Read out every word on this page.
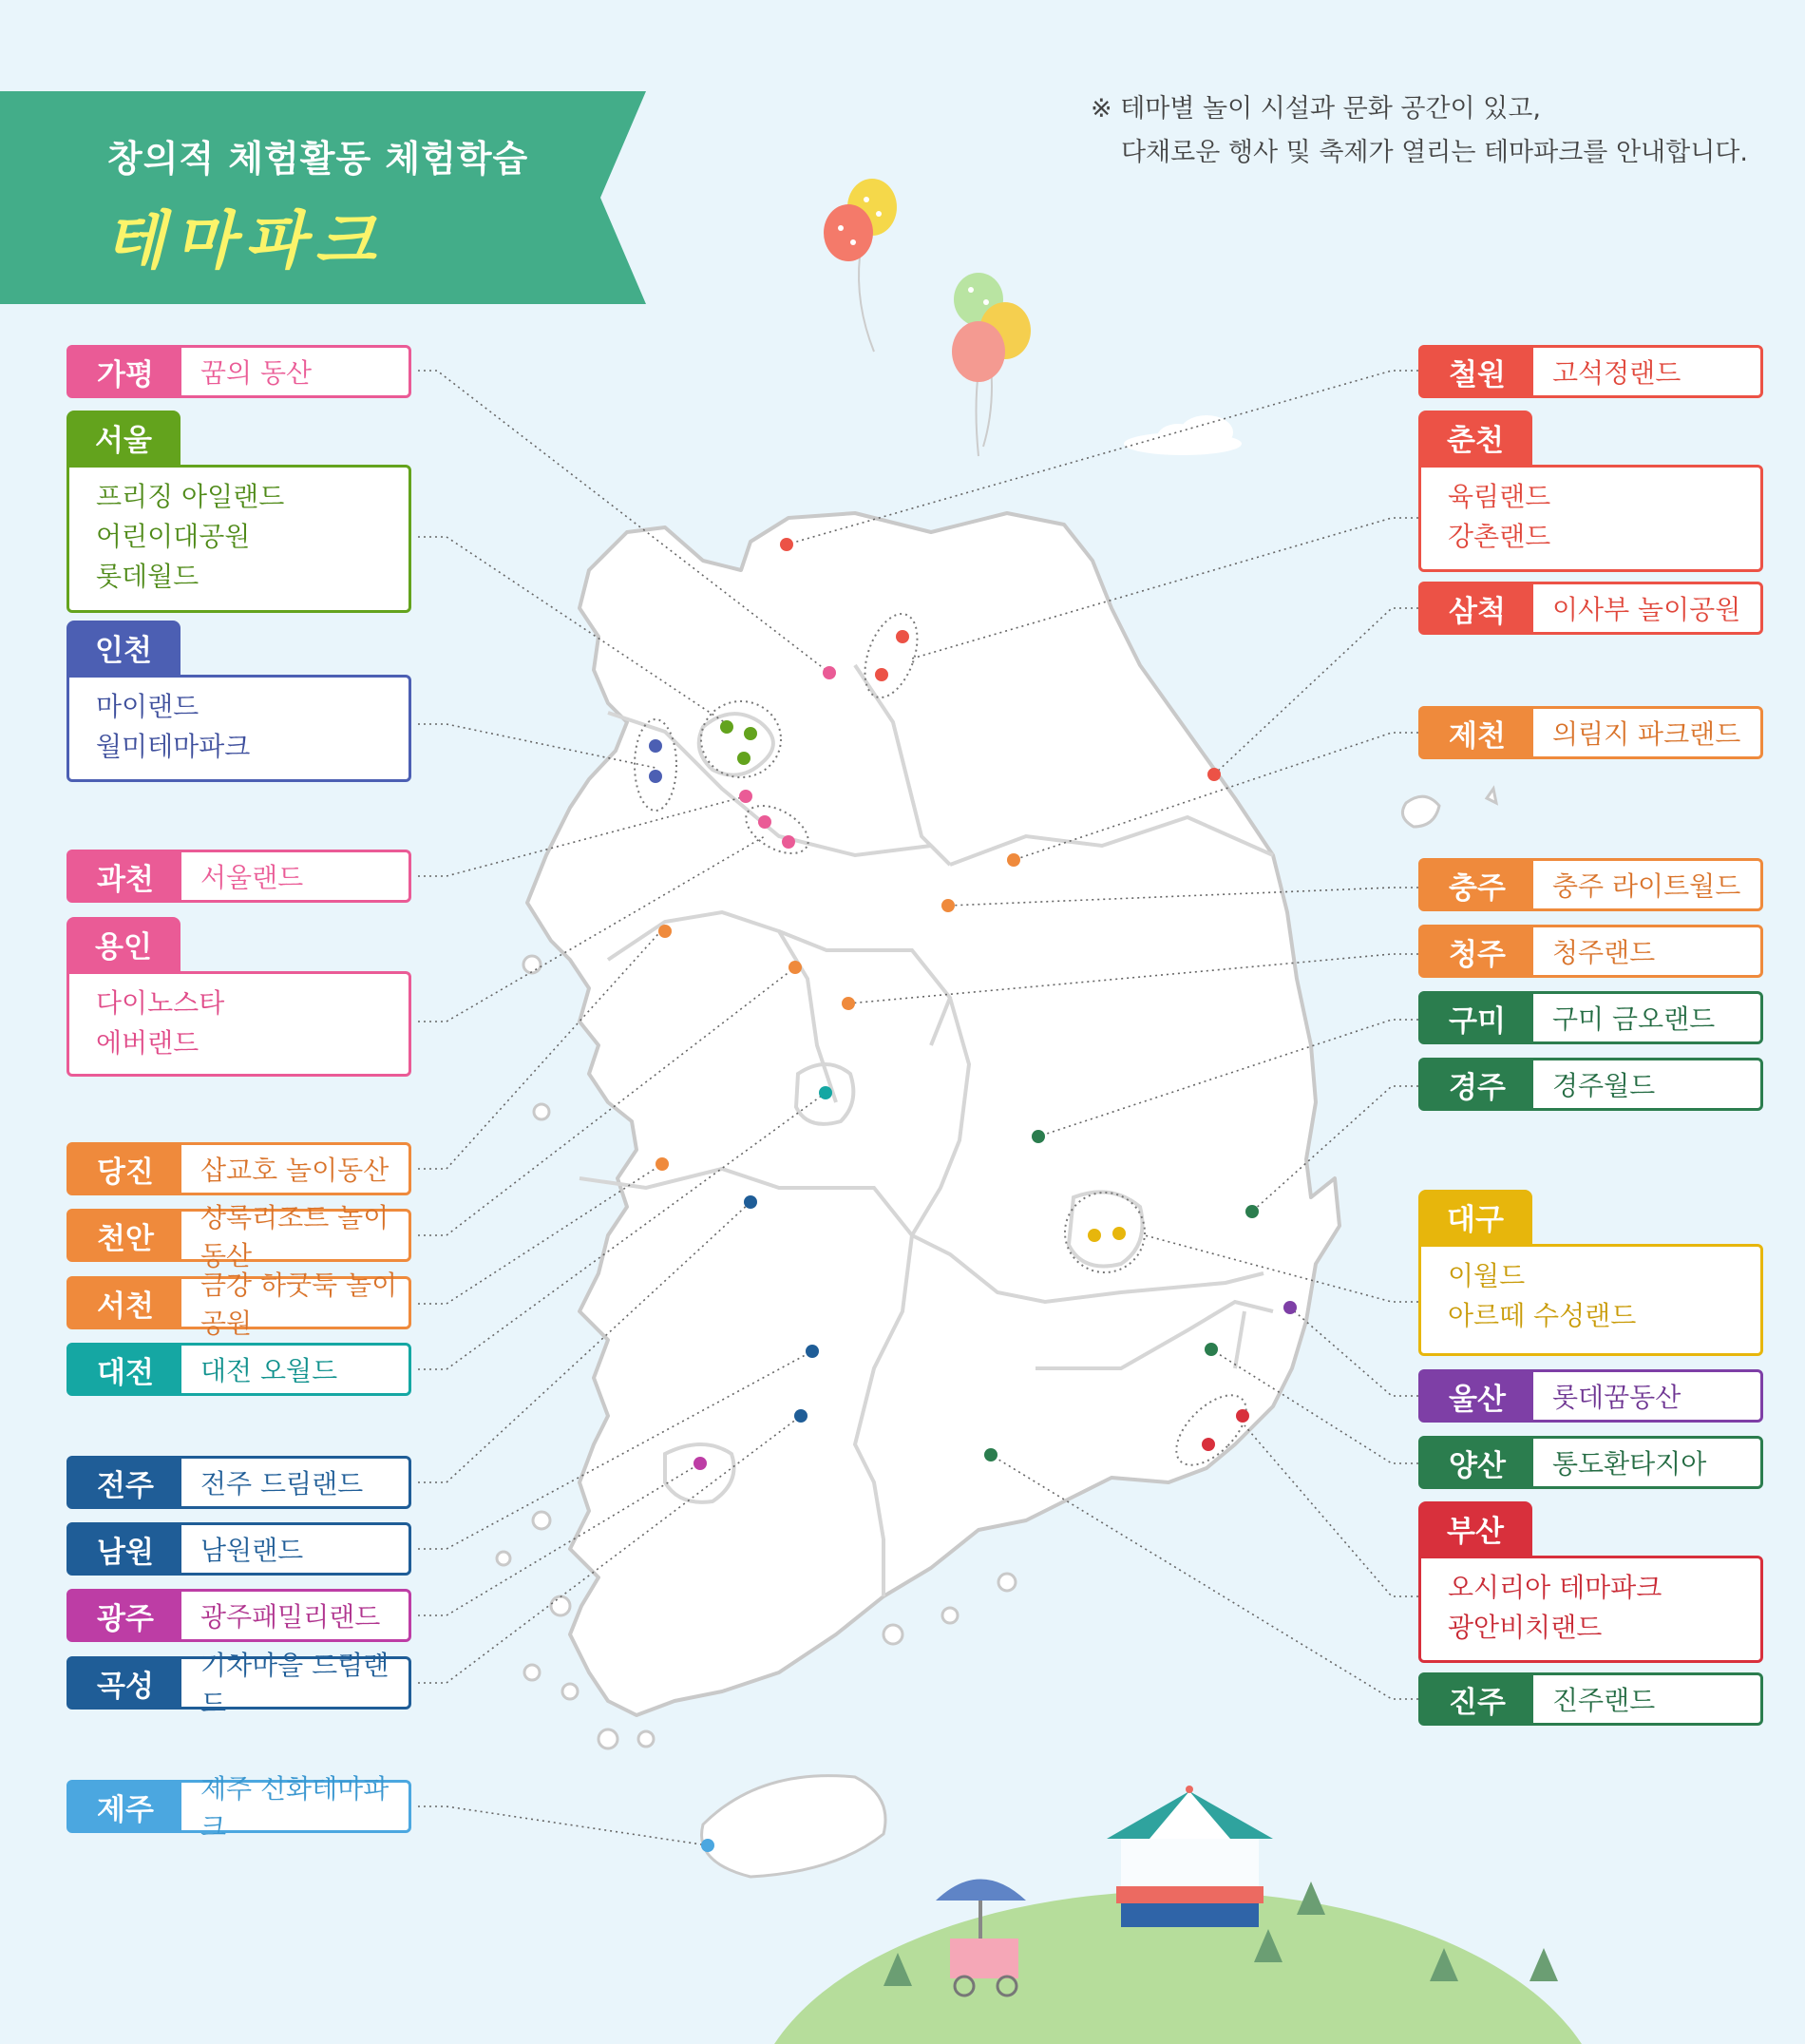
창의적 체험활동 체험학습
테마파크
※ 테마별 놀이 시설과 문화 공간이 있고,
다채로운 행사 및 축제가 열리는 테마파크를 안내합니다.
가평	꿈의 동산
서울
프리징 아일랜드
어린이대공원
롯데월드
인천
마이랜드
월미테마파크
과천	서울랜드
용인
다이노스타
에버랜드
당진	삽교호 놀이동산
천안
상록리조트 놀이동산
서천
금강 하굿둑 놀이공원
대전	대전 오월드
전주	전주 드림랜드
남원	남원랜드
광주	광주패밀리랜드
곡성
기차마을 드림랜드
제주
제주 신화테마파크
철원	고석정랜드
춘천
육림랜드
강촌랜드
삼척	이사부 놀이공원
제천	의림지 파크랜드
충주	충주 라이트월드
청주	청주랜드
구미	구미 금오랜드
경주	경주월드
대구
이월드
아르떼 수성랜드
울산	롯데꿈동산
양산	통도환타지아
부산
오시리아 테마파크
광안비치랜드
진주	진주랜드
